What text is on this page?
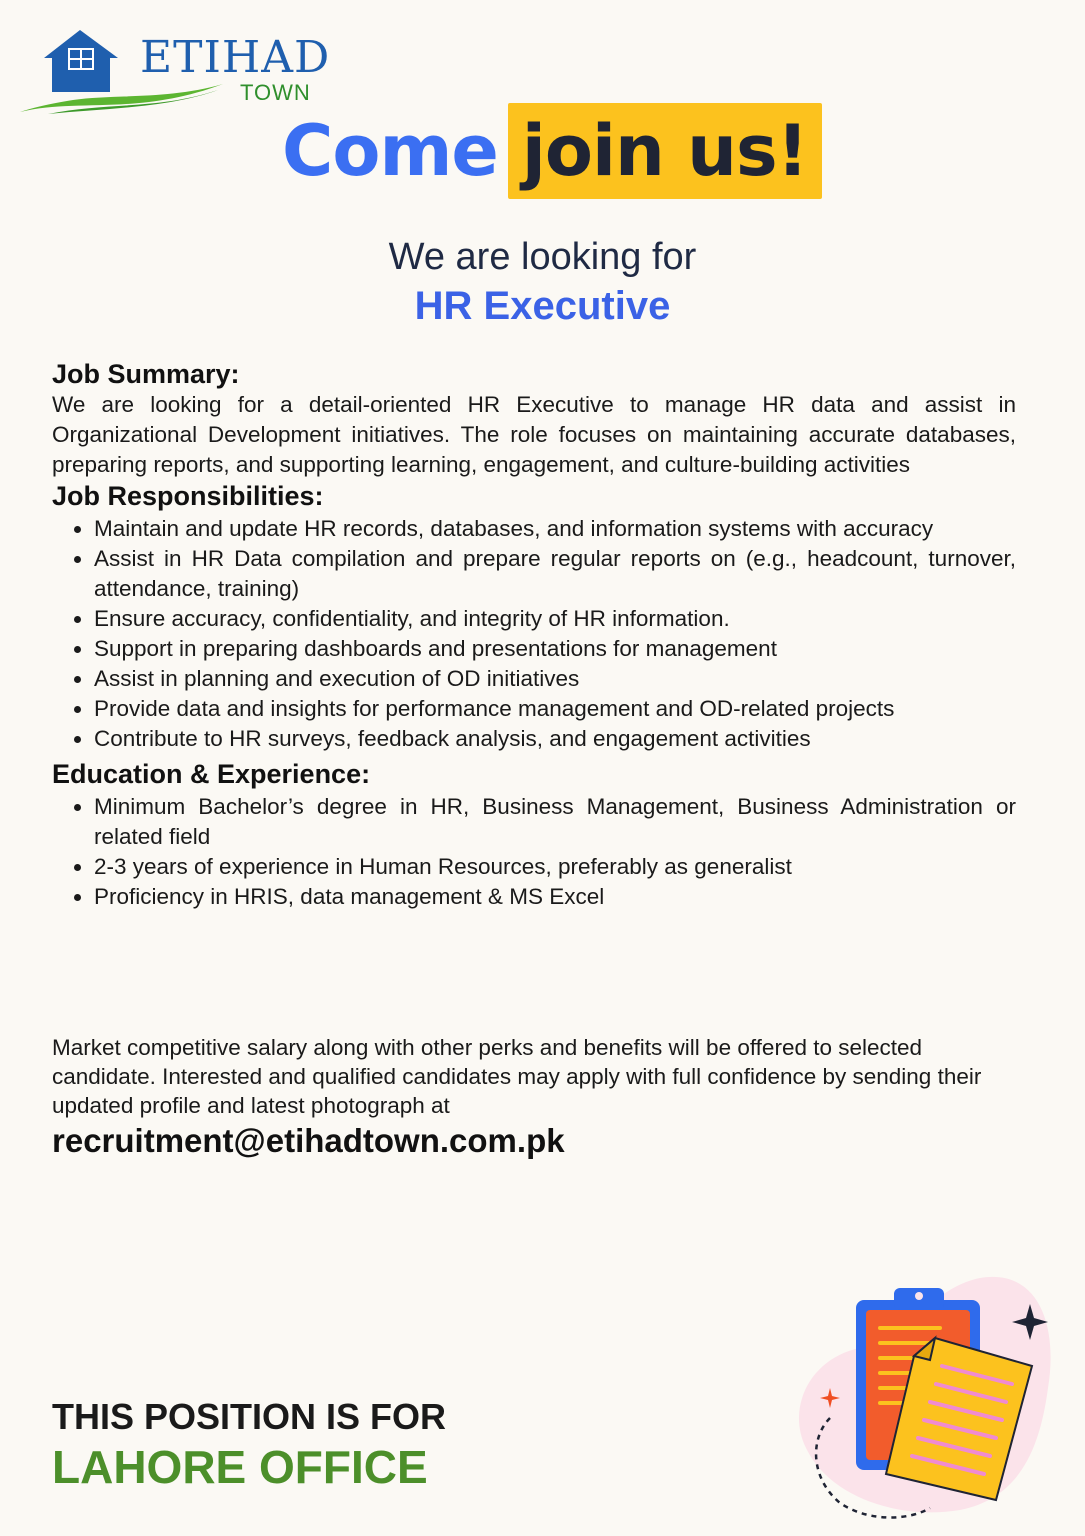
ETIHAD
TOWN
Come join us!
We are looking for
HR Executive
Job Summary:

We are looking for a detail-oriented HR Executive to manage HR data and assist in Organizational Development initiatives. The role focuses on maintaining accurate databases, preparing reports, and supporting learning, engagement, and culture-building activities

Job Responsibilities:
• Maintain and update HR records, databases, and information systems with accuracy
• Assist in HR Data compilation and prepare regular reports on (e.g., headcount, turnover, attendance, training)
• Ensure accuracy, confidentiality, and integrity of HR information.
• Support in preparing dashboards and presentations for management
• Assist in planning and execution of OD initiatives
• Provide data and insights for performance management and OD-related projects
• Contribute to HR surveys, feedback analysis, and engagement activities
Education & Experience:
• Minimum Bachelor’s degree in HR, Business Management, Business Administration or related field
• 2-3 years of experience in Human Resources, preferably as generalist
• Proficiency in HRIS, data management & MS Excel
Market competitive salary along with other perks and benefits will be offered to selected candidate. Interested and qualified candidates may apply with full confidence by sending their updated profile and latest photograph at
recruitment@etihadtown.com.pk
THIS POSITION IS FOR
LAHORE OFFICE
